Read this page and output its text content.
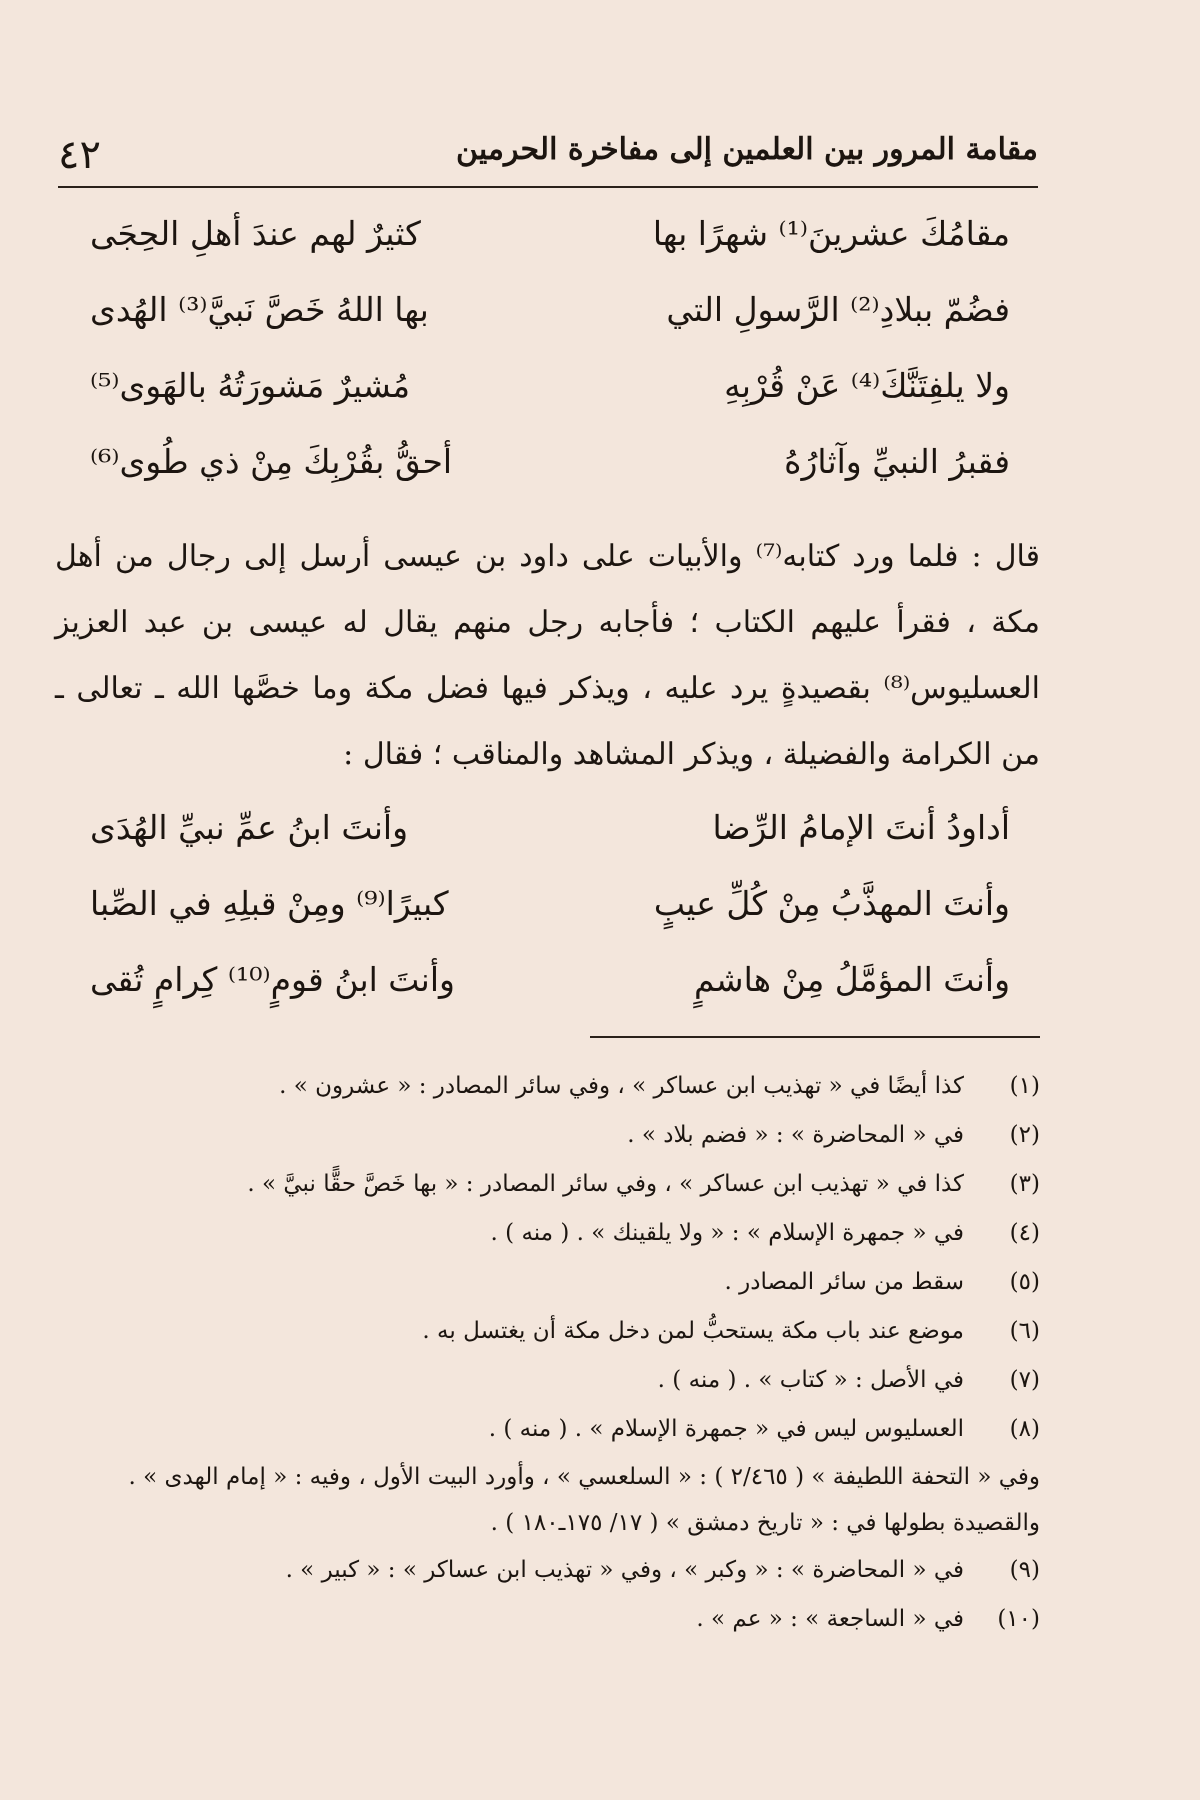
٤٢	مقامة المرور بين العلمين إلى مفاخرة الحرمين
مقامُكَ عشرينَ⁽¹⁾ شهرًا بها
كثيرٌ لهم عندَ أهلِ الحِجَى
فضُمّ ببلادِ⁽²⁾ الرَّسولِ التي
بها اللهُ خَصَّ نَبيَّ⁽³⁾ الهُدى
ولا يلفِتَنَّكَ⁽⁴⁾ عَنْ قُرْبِهِ
مُشيرٌ مَشورَتُهُ بالهَوى⁽⁵⁾
فقبرُ النبيِّ وآثارُهُ
أحقُّ بقُرْبِكَ مِنْ ذي طُوى⁽⁶⁾

قال : فلما ورد كتابه⁽⁷⁾ والأبيات على داود بن عيسى أرسل إلى رجال من أهل مكة ، فقرأ عليهم الكتاب ؛ فأجابه رجل منهم يقال له عيسى بن عبد العزيز العسليوس⁽⁸⁾ بقصيدةٍ يرد عليه ، ويذكر فيها فضل مكة وما خصَّها الله ـ تعالى ـ من الكرامة والفضيلة ، ويذكر المشاهد والمناقب ؛ فقال :

أداودُ أنتَ الإمامُ الرِّضا
وأنتَ ابنُ عمِّ نبيِّ الهُدَى
وأنتَ المهذَّبُ مِنْ كُلِّ عيبٍ
كبيرًا⁽⁹⁾ ومِنْ قبلِهِ في الصِّبا
وأنتَ المؤمَّلُ مِنْ هاشمٍ
وأنتَ ابنُ قومٍ⁽¹⁰⁾ كِرامٍ تُقى
(١)
كذا أيضًا في « تهذيب ابن عساكر » ، وفي سائر المصادر : « عشرون » .
(٢)
في « المحاضرة » : « فضم بلاد » .
(٣)
كذا في « تهذيب ابن عساكر » ، وفي سائر المصادر : « بها خَصَّ حقًّا نبيَّ » .
(٤)
في « جمهرة الإسلام » : « ولا يلقينك » . ( منه ) .
(٥)
سقط من سائر المصادر .
(٦)
موضع عند باب مكة يستحبُّ لمن دخل مكة أن يغتسل به .
(٧)
في الأصل : « كتاب » . ( منه ) .
(٨)
العسليوس ليس في « جمهرة الإسلام » . ( منه ) .
وفي « التحفة اللطيفة » ( ٢/٤٦٥ ) : « السلعسي » ، وأورد البيت الأول ، وفيه : « إمام الهدى » .
والقصيدة بطولها في : « تاريخ دمشق » ( ١٧/ ١٧٥ـ١٨٠ ) .
(٩)
في « المحاضرة » : « وكبر » ، وفي « تهذيب ابن عساكر » : « كبير » .
(١٠)
في « الساجعة » : « عم » .
